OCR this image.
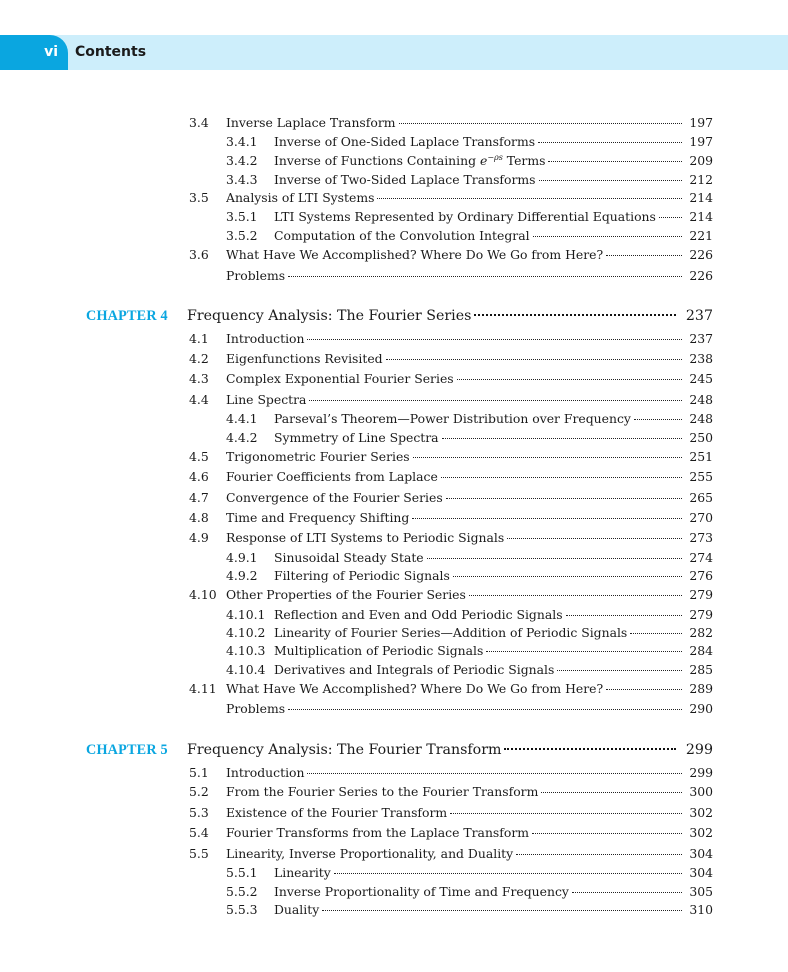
vi Contents
3.4 Inverse Laplace Transform	197
3.4.1 Inverse of One-Sided Laplace Transforms	197
3.4.2 Inverse of Functions Containing $e^{-\rho s}$ Terms	209
3.4.3 Inverse of Two-Sided Laplace Transforms	212
3.5 Analysis of LTI Systems	214
3.5.1 LTI Systems Represented by Ordinary Differential Equations	214
3.5.2 Computation of the Convolution Integral	221
3.6 What Have We Accomplished? Where Do We Go from Here?	226
Problems	226
CHAPTER 4 Frequency Analysis: The Fourier Series	237
4.1 Introduction	237
4.2 Eigenfunctions Revisited	238
4.3 Complex Exponential Fourier Series	245
4.4 Line Spectra	248
4.4.1 Parseval’s Theorem—Power Distribution over Frequency	248
4.4.2 Symmetry of Line Spectra	250
4.5 Trigonometric Fourier Series	251
4.6 Fourier Coefficients from Laplace	255
4.7 Convergence of the Fourier Series	265
4.8 Time and Frequency Shifting	270
4.9 Response of LTI Systems to Periodic Signals	273
4.9.1 Sinusoidal Steady State	274
4.9.2 Filtering of Periodic Signals	276
4.10 Other Properties of the Fourier Series	279
4.10.1 Reflection and Even and Odd Periodic Signals	279
4.10.2 Linearity of Fourier Series—Addition of Periodic Signals	282
4.10.3 Multiplication of Periodic Signals	284
4.10.4 Derivatives and Integrals of Periodic Signals	285
4.11 What Have We Accomplished? Where Do We Go from Here?	289
Problems	290
CHAPTER 5 Frequency Analysis: The Fourier Transform	299
5.1 Introduction	299
5.2 From the Fourier Series to the Fourier Transform	300
5.3 Existence of the Fourier Transform	302
5.4 Fourier Transforms from the Laplace Transform	302
5.5 Linearity, Inverse Proportionality, and Duality	304
5.5.1 Linearity	304
5.5.2 Inverse Proportionality of Time and Frequency	305
5.5.3 Duality	310
